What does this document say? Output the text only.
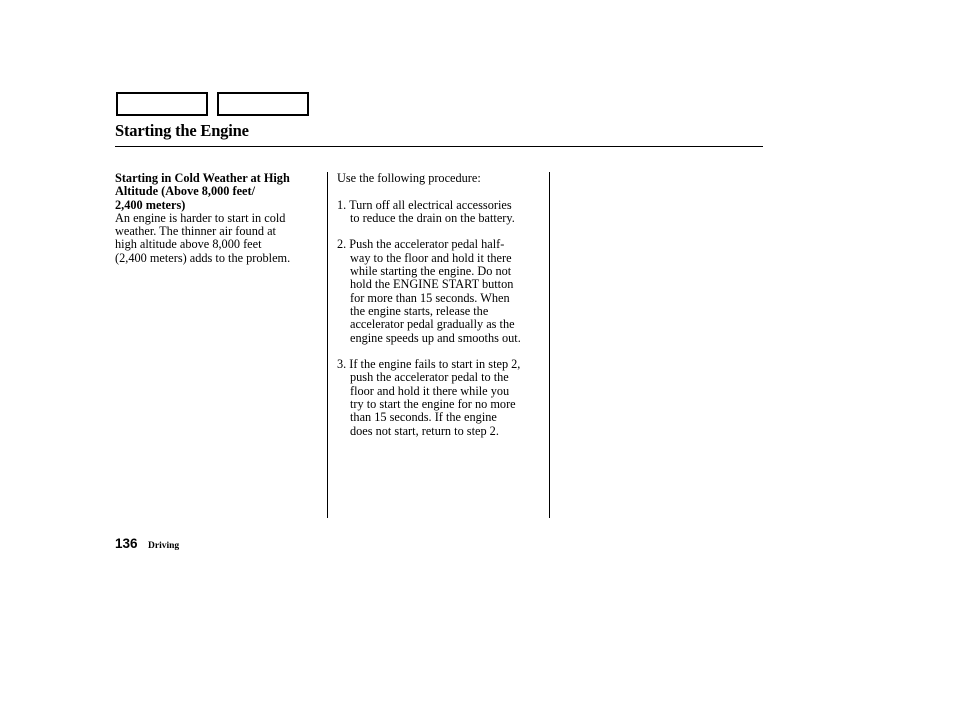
Starting the Engine

Starting in Cold Weather at High
Altitude (Above 8,000 feet/
2,400 meters)

An engine is harder to start in cold
weather. The thinner air found at
high altitude above 8,000 feet
(2,400 meters) adds to the problem.

Use the following procedure:

1. Turn off all electrical accessories
to reduce the drain on the battery.

2. Push the accelerator pedal half-
way to the floor and hold it there
while starting the engine. Do not
hold the ENGINE START button
for more than 15 seconds. When
the engine starts, release the
accelerator pedal gradually as the
engine speeds up and smooths out.

3. If the engine fails to start in step 2,
push the accelerator pedal to the
floor and hold it there while you
try to start the engine for no more
than 15 seconds. If the engine
does not start, return to step 2.

136 Driving
